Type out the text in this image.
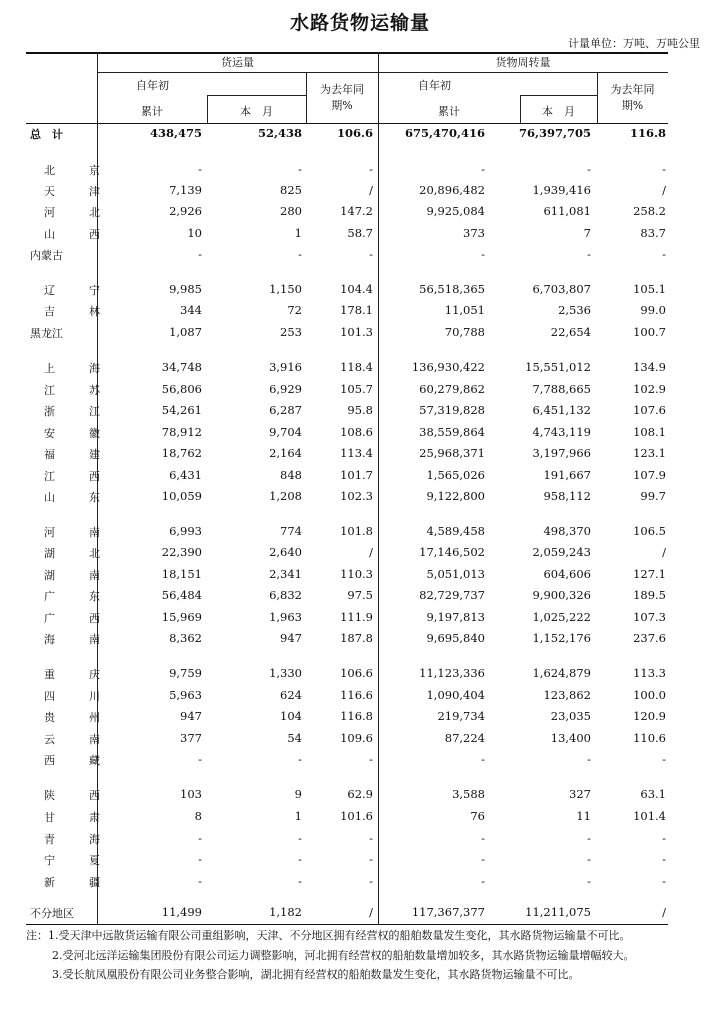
水路货物运输量
计量单位：万吨、万吨公里
货运量	货物周转量
自年初
累计	本　月
为去年同
期%
自年初
累计	本　月
为去年同
期%
总　计	438,475	52,438	106.6	675,470,416	76,397,705	116.8
北京	-	-	-	-	-	-
天津	7,139	825	/	20,896,482	1,939,416	/
河北	2,926	280	147.2	9,925,084	611,081	258.2
山西	10	1	58.7	373	7	83.7
内蒙古	-	-	-	-	-	-
辽宁	9,985	1,150	104.4	56,518,365	6,703,807	105.1
吉林	344	72	178.1	11,051	2,536	99.0
黑龙江	1,087	253	101.3	70,788	22,654	100.7
上海	34,748	3,916	118.4	136,930,422	15,551,012	134.9
江苏	56,806	6,929	105.7	60,279,862	7,788,665	102.9
浙江	54,261	6,287	95.8	57,319,828	6,451,132	107.6
安徽	78,912	9,704	108.6	38,559,864	4,743,119	108.1
福建	18,762	2,164	113.4	25,968,371	3,197,966	123.1
江西	6,431	848	101.7	1,565,026	191,667	107.9
山东	10,059	1,208	102.3	9,122,800	958,112	99.7
河南	6,993	774	101.8	4,589,458	498,370	106.5
湖北	22,390	2,640	/	17,146,502	2,059,243	/
湖南	18,151	2,341	110.3	5,051,013	604,606	127.1
广东	56,484	6,832	97.5	82,729,737	9,900,326	189.5
广西	15,969	1,963	111.9	9,197,813	1,025,222	107.3
海南	8,362	947	187.8	9,695,840	1,152,176	237.6
重庆	9,759	1,330	106.6	11,123,336	1,624,879	113.3
四川	5,963	624	116.6	1,090,404	123,862	100.0
贵州	947	104	116.8	219,734	23,035	120.9
云南	377	54	109.6	87,224	13,400	110.6
西藏	-	-	-	-	-	-
陕西	103	9	62.9	3,588	327	63.1
甘肃	8	1	101.6	76	11	101.4
青海	-	-	-	-	-	-
宁夏	-	-	-	-	-	-
新疆	-	-	-	-	-	-
不分地区	11,499	1,182	/	117,367,377	11,211,075	/

注：1.受天津中远散货运输有限公司重组影响，天津、不分地区拥有经营权的船舶数量发生变化，其水路货物运输量不可比。

2.受河北远洋运输集团股份有限公司运力调整影响，河北拥有经营权的船舶数量增加较多，其水路货物运输量增幅较大。

3.受长航凤凰股份有限公司业务整合影响，湖北拥有经营权的船舶数量发生变化，其水路货物运输量不可比。
